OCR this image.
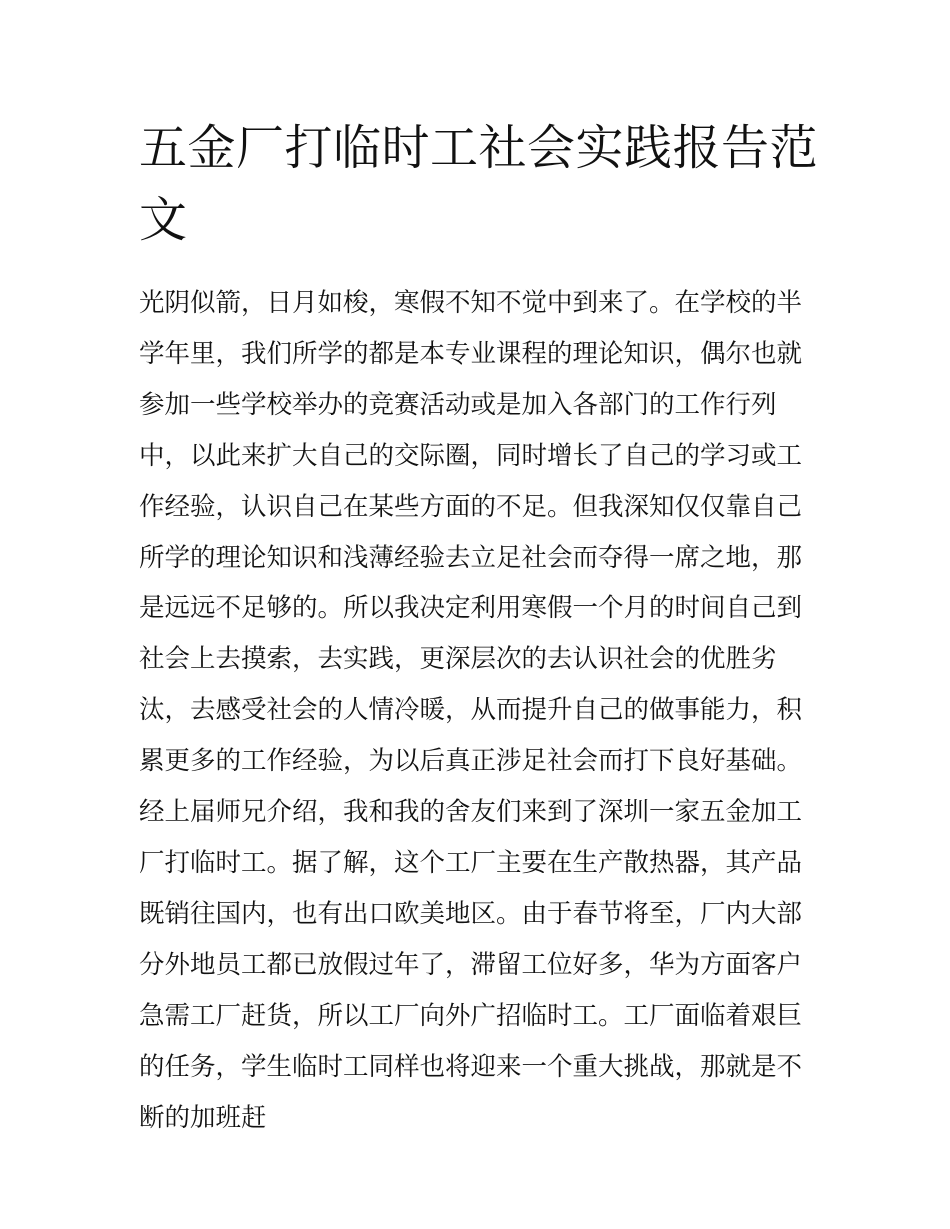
五金厂打临时工社会实践报告范文

光阴似箭，日月如梭，寒假不知不觉中到来了。在学校的半学年里，我们所学的都是本专业课程的理论知识，偶尔也就参加一些学校举办的竞赛活动或是加入各部门的工作行列中，以此来扩大自己的交际圈，同时增长了自己的学习或工作经验，认识自己在某些方面的不足。但我深知仅仅靠自己所学的理论知识和浅薄经验去立足社会而夺得一席之地，那是远远不足够的。所以我决定利用寒假一个月的时间自己到社会上去摸索，去实践，更深层次的去认识社会的优胜劣汰，去感受社会的人情冷暖，从而提升自己的做事能力，积累更多的工作经验，为以后真正涉足社会而打下良好基础。

经上届师兄介绍，我和我的舍友们来到了深圳一家五金加工厂打临时工。据了解，这个工厂主要在生产散热器，其产品既销往国内，也有出口欧美地区。由于春节将至，厂内大部分外地员工都已放假过年了，滞留工位好多，华为方面客户急需工厂赶货，所以工厂向外广招临时工。工厂面临着艰巨的任务，学生临时工同样也将迎来一个重大挑战，那就是不断的加班赶
